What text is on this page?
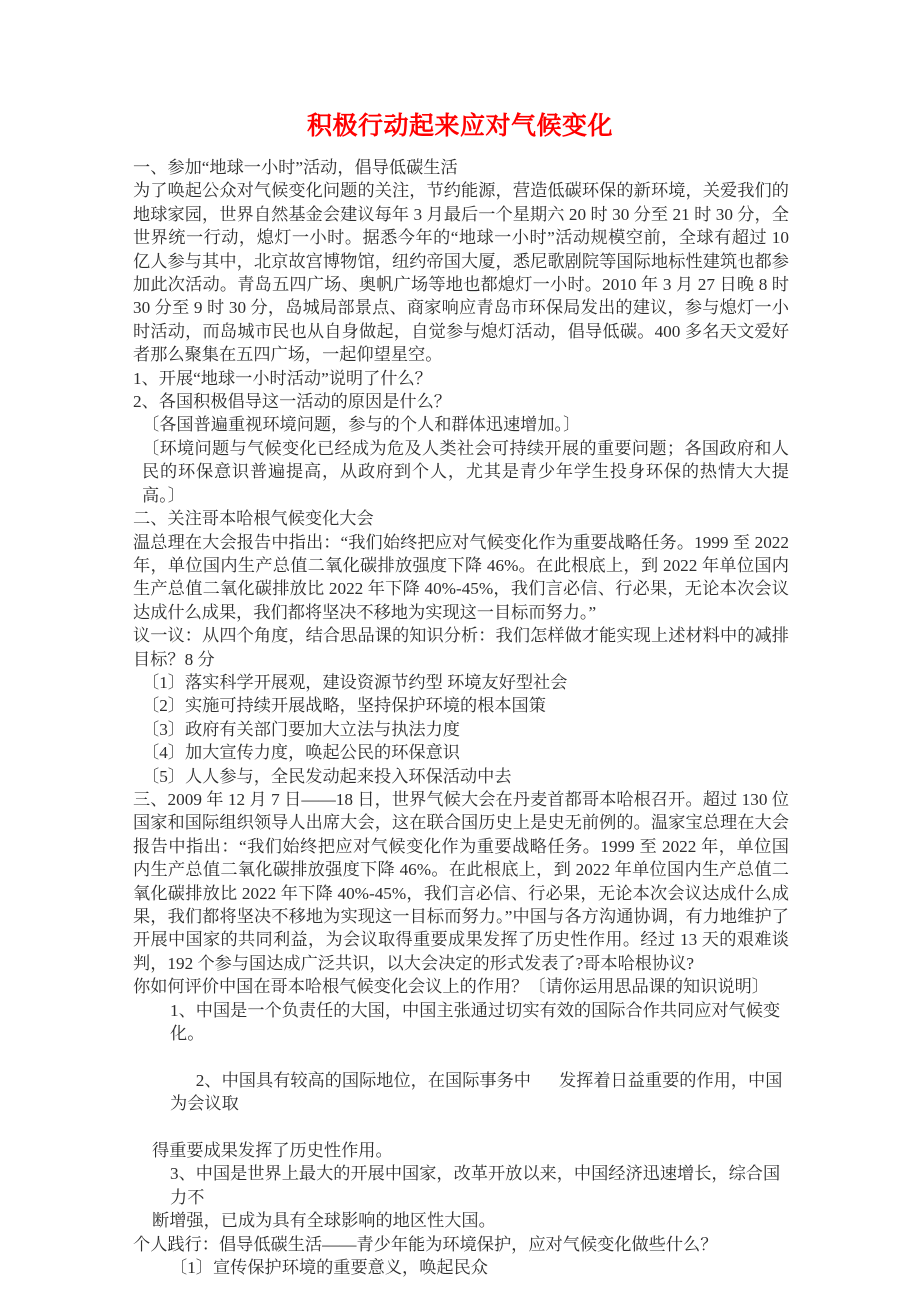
积极行动起来应对气候变化

一、参加“地球一小时”活动，倡导低碳生活

为了唤起公众对气候变化问题的关注，节约能源，营造低碳环保的新环境，关爱我们的地球家园，世界自然基金会建议每年 3 月最后一个星期六 20 时 30 分至 21 时 30 分，全世界统一行动，熄灯一小时。据悉今年的“地球一小时”活动规模空前，全球有超过 10 亿人参与其中，北京故宫博物馆，纽约帝国大厦，悉尼歌剧院等国际地标性建筑也都参加此次活动。青岛五四广场、奥帆广场等地也都熄灯一小时。2010 年 3 月 27 日晚 8 时 30 分至 9 时 30 分，岛城局部景点、商家响应青岛市环保局发出的建议，参与熄灯一小时活动，而岛城市民也从自身做起，自觉参与熄灯活动，倡导低碳。400 多名天文爱好者那么聚集在五四广场，一起仰望星空。

1、开展“地球一小时活动”说明了什么？

2、各国积极倡导这一活动的原因是什么？

〔各国普遍重视环境问题，参与的个人和群体迅速增加。〕

〔环境问题与气候变化已经成为危及人类社会可持续开展的重要问题；各国政府和人民的环保意识普遍提高，从政府到个人，尤其是青少年学生投身环保的热情大大提高。〕

二、关注哥本哈根气候变化大会

温总理在大会报告中指出：“我们始终把应对气候变化作为重要战略任务。1999 至 2022 年，单位国内生产总值二氧化碳排放强度下降 46%。在此根底上，到 2022 年单位国内生产总值二氧化碳排放比 2022 年下降 40%-45%，我们言必信、行必果，无论本次会议达成什么成果，我们都将坚决不移地为实现这一目标而努力。”

议一议：从四个角度，结合思品课的知识分析：我们怎样做才能实现上述材料中的减排目标？8 分

〔1〕落实科学开展观，建设资源节约型 环境友好型社会

〔2〕实施可持续开展战略，坚持保护环境的根本国策

〔3〕政府有关部门要加大立法与执法力度

〔4〕加大宣传力度，唤起公民的环保意识

〔5〕人人参与，全民发动起来投入环保活动中去

三、2009 年 12 月 7 日——18 日，世界气候大会在丹麦首都哥本哈根召开。超过 130 位国家和国际组织领导人出席大会，这在联合国历史上是史无前例的。温家宝总理在大会报告中指出：“我们始终把应对气候变化作为重要战略任务。1999 至 2022 年，单位国内生产总值二氧化碳排放强度下降 46%。在此根底上，到 2022 年单位国内生产总值二氧化碳排放比 2022 年下降 40%-45%，我们言必信、行必果，无论本次会议达成什么成果，我们都将坚决不移地为实现这一目标而努力。”中国与各方沟通协调，有力地维护了开展中国家的共同利益，为会议取得重要成果发挥了历史性作用。经过 13 天的艰难谈判，192 个参与国达成广泛共识，以大会决定的形式发表了?哥本哈根协议?

你如何评价中国在哥本哈根气候变化会议上的作用？〔请你运用思品课的知识说明〕

1、中国是一个负责任的大国，中国主张通过切实有效的国际合作共同应对气候变化。

2、中国具有较高的国际地位，在国际事务中 发挥着日益重要的作用，中国为会议取

得重要成果发挥了历史性作用。

3、中国是世界上最大的开展中国家，改革开放以来，中国经济迅速增长，综合国力不

断增强，已成为具有全球影响的地区性大国。

个人践行：倡导低碳生活——青少年能为环境保护，应对气候变化做些什么？

〔1〕宣传保护环境的重要意义，唤起民众
